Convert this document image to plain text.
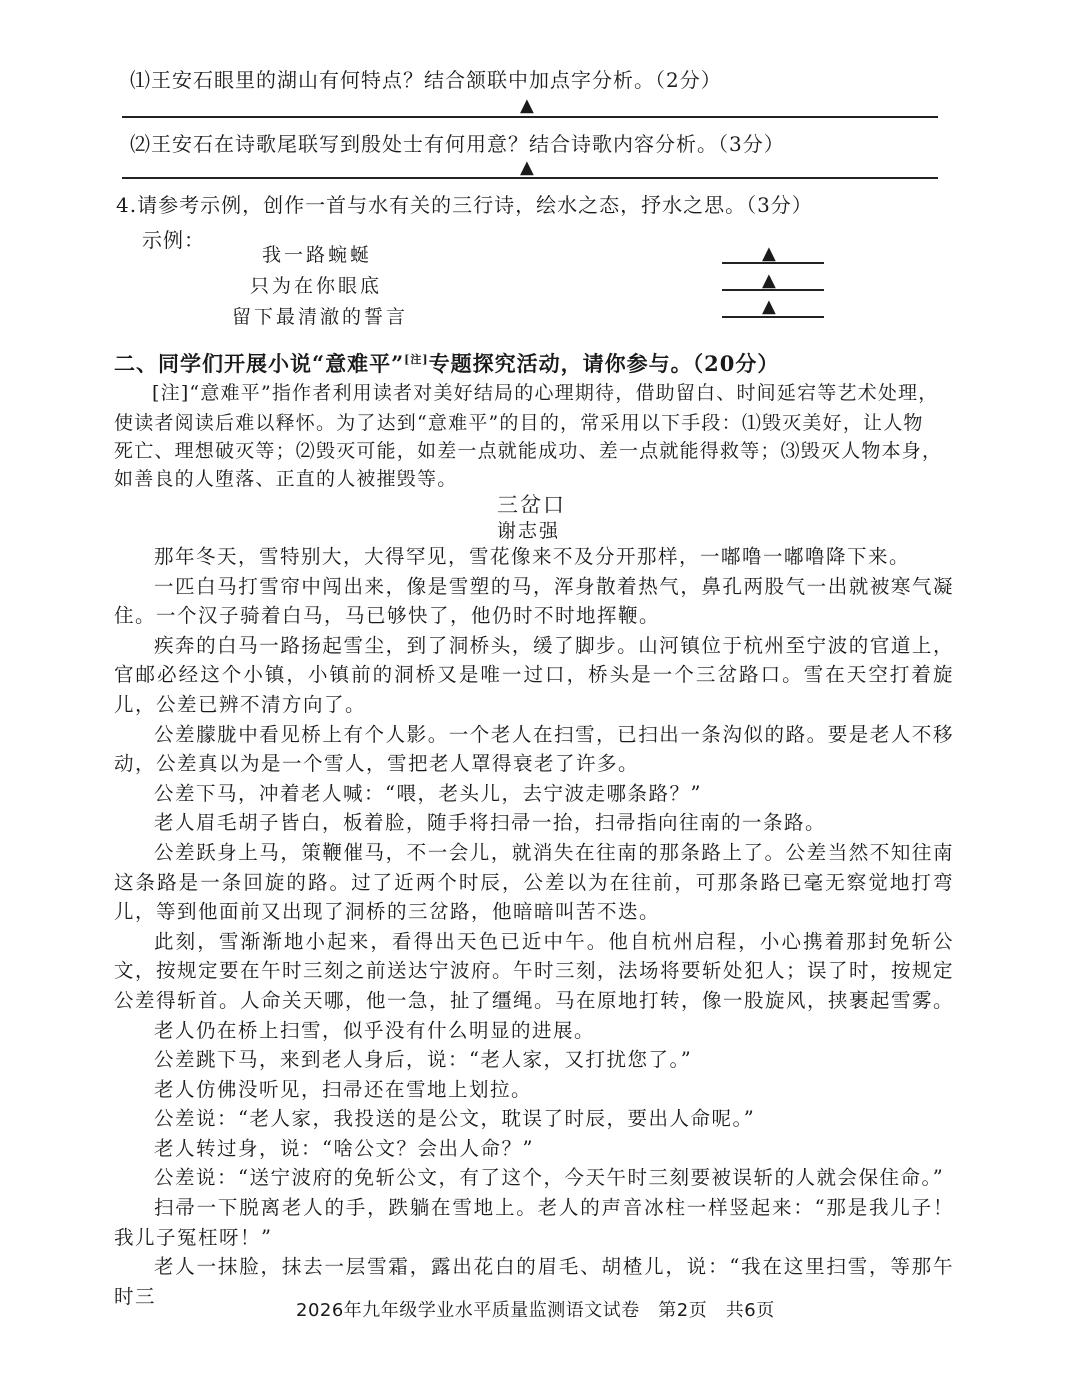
⑴王安石眼里的湖山有何特点？结合颔联中加点字分析。（2分）
▲
⑵王安石在诗歌尾联写到殷处士有何用意？结合诗歌内容分析。（3分）
▲
4.请参考示例，创作一首与水有关的三行诗，绘水之态，抒水之思。（3分）
示例：
我一路蜿蜒
只为在你眼底
留下最清澈的誓言
▲
▲
▲
二、同学们开展小说“意难平”[注]专题探究活动，请你参与。（20分）
[注]“意难平”指作者利用读者对美好结局的心理期待，借助留白、时间延宕等艺术处理，
使读者阅读后难以释怀。为了达到“意难平”的目的，常采用以下手段：⑴毁灭美好，让人物
死亡、理想破灭等；⑵毁灭可能，如差一点就能成功、差一点就能得救等；⑶毁灭人物本身，
如善良的人堕落、正直的人被摧毁等。
三岔口
谢志强

那年冬天，雪特别大，大得罕见，雪花像来不及分开那样，一嘟噜一嘟噜降下来。

一匹白马打雪帘中闯出来，像是雪塑的马，浑身散着热气，鼻孔两股气一出就被寒气凝住。一个汉子骑着白马，马已够快了，他仍时不时地挥鞭。

疾奔的白马一路扬起雪尘，到了洞桥头，缓了脚步。山河镇位于杭州至宁波的官道上，官邮必经这个小镇，小镇前的洞桥又是唯一过口，桥头是一个三岔路口。雪在天空打着旋儿，公差已辨不清方向了。

公差朦胧中看见桥上有个人影。一个老人在扫雪，已扫出一条沟似的路。要是老人不移动，公差真以为是一个雪人，雪把老人罩得衰老了许多。

公差下马，冲着老人喊：“喂，老头儿，去宁波走哪条路？”

老人眉毛胡子皆白，板着脸，随手将扫帚一抬，扫帚指向往南的一条路。

公差跃身上马，策鞭催马，不一会儿，就消失在往南的那条路上了。公差当然不知往南这条路是一条回旋的路。过了近两个时辰，公差以为在往前，可那条路已毫无察觉地打弯儿，等到他面前又出现了洞桥的三岔路，他暗暗叫苦不迭。

此刻，雪渐渐地小起来，看得出天色已近中午。他自杭州启程，小心携着那封免斩公文，按规定要在午时三刻之前送达宁波府。午时三刻，法场将要斩处犯人；误了时，按规定公差得斩首。人命关天哪，他一急，扯了缰绳。马在原地打转，像一股旋风，挟裹起雪雾。

老人仍在桥上扫雪，似乎没有什么明显的进展。

公差跳下马，来到老人身后，说：“老人家，又打扰您了。”

老人仿佛没听见，扫帚还在雪地上划拉。

公差说：“老人家，我投送的是公文，耽误了时辰，要出人命呢。”

老人转过身，说：“啥公文？会出人命？”

公差说：“送宁波府的免斩公文，有了这个，今天午时三刻要被误斩的人就会保住命。”

扫帚一下脱离老人的手，跌躺在雪地上。老人的声音冰柱一样竖起来：“那是我儿子！我儿子冤枉呀！”

老人一抹脸，抹去一层雪霜，露出花白的眉毛、胡楂儿，说：“我在这里扫雪，等那午时三

2026年九年级学业水平质量监测语文试卷　第2页　共6页
